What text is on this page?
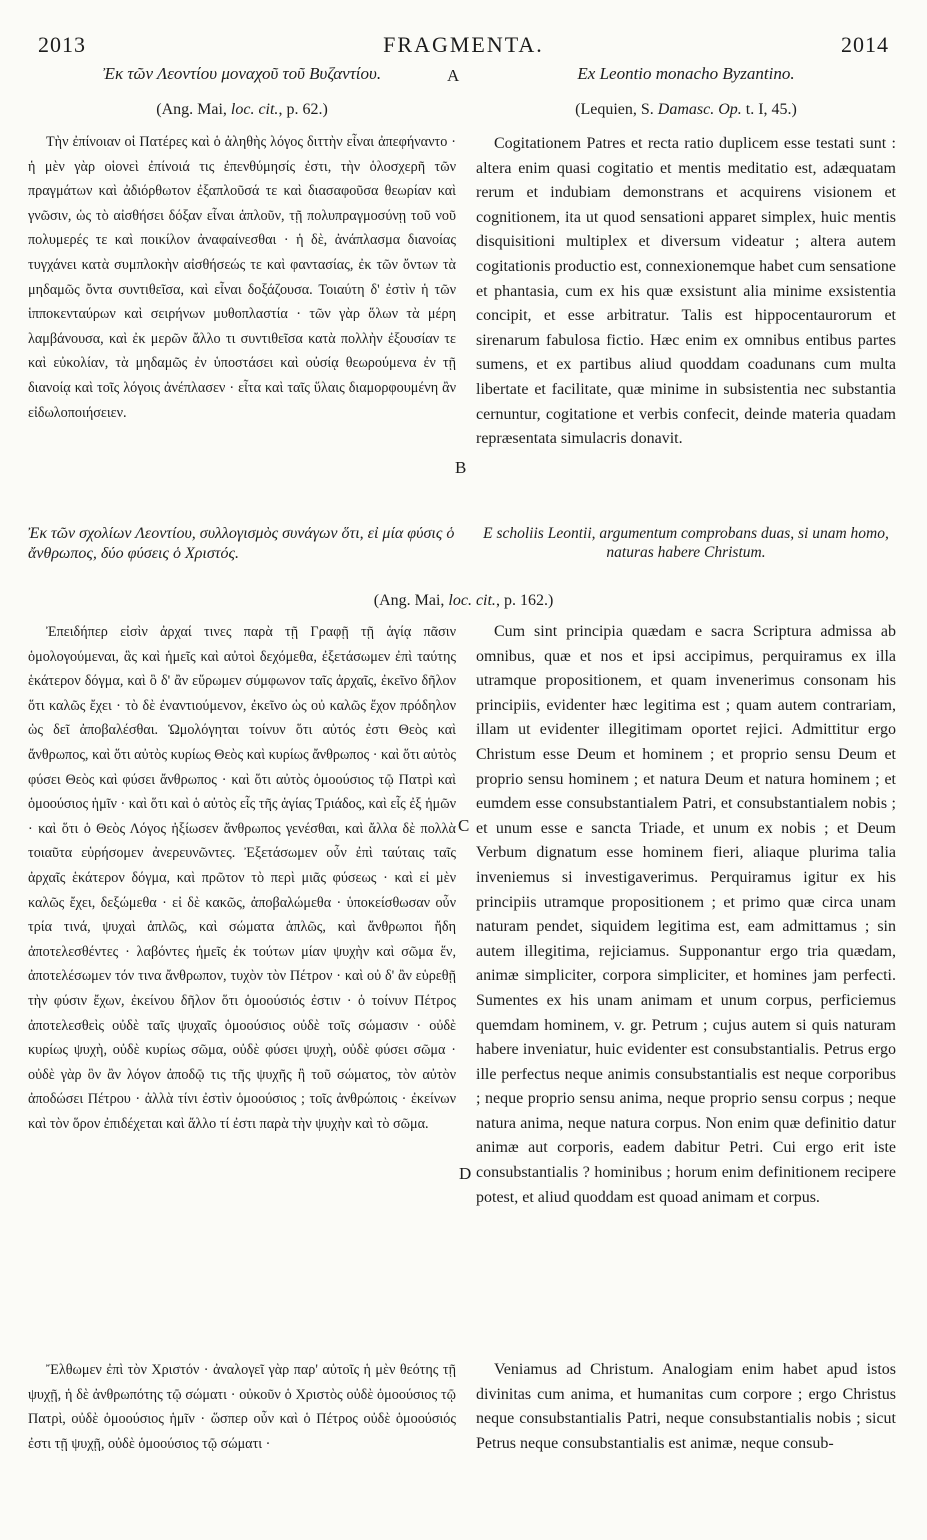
FRAGMENTA.
2013	2014
Ἐκ τῶν Λεοντίου μοναχοῦ τοῦ Βυζαντίου.	Ex Leontio monacho Byzantino.
(Ang. Mai, loc. cit., p. 62.)	(Lequien, S. Damasc. Op. t. I, 45.)

Τὴν ἐπίνοιαν οἱ Πατέρες καὶ ὁ ἀληθὴς λόγος διττὴν εἶναι ἀπεφήναντο · ἡ μὲν γὰρ οἱονεὶ ἐπίνοιά τις ἐπενθύμησίς ἐστι, τὴν ὁλοσχερῆ τῶν πραγμάτων καὶ ἀδιόρθωτον ἐξαπλοῦσά τε καὶ διασαφοῦσα θεωρίαν καὶ γνῶσιν, ὡς τὸ αἰσθήσει δόξαν εἶναι ἁπλοῦν, τῇ πολυπραγμοσύνῃ τοῦ νοῦ πολυμερές τε καὶ ποικίλον ἀναφαίνεσθαι · ἡ δὲ, ἀνάπλασμα διανοίας τυγχάνει κατὰ συμπλοκὴν αἰσθήσεώς τε καὶ φαντασίας, ἐκ τῶν ὄντων τὰ μηδαμῶς ὄντα συντιθεῖσα, καὶ εἶναι δοξάζουσα. Τοιαύτη δ' ἐστὶν ἡ τῶν ἱπποκενταύρων καὶ σειρήνων μυθοπλαστία · τῶν γὰρ ὅλων τὰ μέρη λαμβάνουσα, καὶ ἐκ μερῶν ἄλλο τι συντιθεῖσα κατὰ πολλὴν ἐξουσίαν τε καὶ εὐκολίαν, τὰ μηδαμῶς ἐν ὑποστάσει καὶ οὐσίᾳ θεωρούμενα ἐν τῇ διανοίᾳ καὶ τοῖς λόγοις ἀνέπλασεν · εἶτα καὶ ταῖς ὕλαις διαμορφουμένη ἂν εἰδωλοποιήσειεν.

Cogitationem Patres et recta ratio duplicem esse testati sunt : altera enim quasi cogitatio et mentis meditatio est, adæquatam rerum et indubiam demonstrans et acquirens visionem et cognitionem, ita ut quod sensationi apparet simplex, huic mentis disquisitioni multiplex et diversum videatur ; altera autem cogitationis productio est, connexionemque habet cum sensatione et phantasia, cum ex his quæ exsistunt alia minime exsistentia concipit, et esse arbitratur. Talis est hippocentaurorum et sirenarum fabulosa fictio. Hæc enim ex omnibus entibus partes sumens, et ex partibus aliud quoddam coadunans cum multa libertate et facilitate, quæ minime in subsistentia nec substantia cernuntur, cogitatione et verbis confecit, deinde materia quadam repræsentata simulacris donavit.

Ἐκ τῶν σχολίων Λεοντίου, συλλογισμὸς συνάγων ὅτι, εἰ μία φύσις ὁ ἄνθρωπος, δύο φύσεις ὁ Χριστός.

E scholiis Leontii, argumentum comprobans duas, si unam homo, naturas habere Christum.

(Ang. Mai, loc. cit., p. 162.)

Ἐπειδήπερ εἰσὶν ἀρχαί τινες παρὰ τῇ Γραφῇ τῇ ἁγίᾳ πᾶσιν ὁμολογούμεναι, ἃς καὶ ἡμεῖς καὶ αὐτοὶ δεχόμεθα, ἐξετάσωμεν ἐπὶ ταύτης ἑκάτερον δόγμα, καὶ ὃ δ' ἂν εὕρωμεν σύμφωνον ταῖς ἀρχαῖς, ἐκεῖνο δῆλον ὅτι καλῶς ἔχει · τὸ δὲ ἐναντιούμενον, ἐκεῖνο ὡς οὐ καλῶς ἔχον πρόδηλον ὡς δεῖ ἀποβαλέσθαι. Ὡμολόγηται τοίνυν ὅτι αὐτός ἐστι Θεὸς καὶ ἄνθρωπος, καὶ ὅτι αὐτὸς κυρίως Θεὸς καὶ κυρίως ἄνθρωπος · καὶ ὅτι αὐτὸς φύσει Θεὸς καὶ φύσει ἄνθρωπος · καὶ ὅτι αὐτὸς ὁμοούσιος τῷ Πατρὶ καὶ ὁμοούσιος ἡμῖν · καὶ ὅτι καὶ ὁ αὐτὸς εἷς τῆς ἁγίας Τριάδος, καὶ εἷς ἐξ ἡμῶν · καὶ ὅτι ὁ Θεὸς Λόγος ἠξίωσεν ἄνθρωπος γενέσθαι, καὶ ἄλλα δὲ πολλὰ τοιαῦτα εὑρήσομεν ἀνερευνῶντες. Ἐξετάσωμεν οὖν ἐπὶ ταύταις ταῖς ἀρχαῖς ἑκάτερον δόγμα, καὶ πρῶτον τὸ περὶ μιᾶς φύσεως · καὶ εἰ μὲν καλῶς ἔχει, δεξώμεθα · εἰ δὲ κακῶς, ἀποβαλώμεθα · ὑποκείσθωσαν οὖν τρία τινά, ψυχαὶ ἁπλῶς, καὶ σώματα ἁπλῶς, καὶ ἄνθρωποι ἤδη ἀποτελεσθέντες · λαβόντες ἡμεῖς ἐκ τούτων μίαν ψυχὴν καὶ σῶμα ἕν, ἀποτελέσωμεν τόν τινα ἄνθρωπον, τυχὸν τὸν Πέτρον · καὶ οὐ δ' ἂν εὑρεθῇ τὴν φύσιν ἔχων, ἐκείνου δῆλον ὅτι ὁμοούσιός ἐστιν · ὁ τοίνυν Πέτρος ἀποτελεσθεὶς οὐδὲ ταῖς ψυχαῖς ὁμοούσιος οὐδὲ τοῖς σώμασιν · οὐδὲ κυρίως ψυχὴ, οὐδὲ κυρίως σῶμα, οὐδὲ φύσει ψυχὴ, οὐδὲ φύσει σῶμα · οὐδὲ γὰρ ὃν ἂν λόγον ἀποδῷ τις τῆς ψυχῆς ἢ τοῦ σώματος, τὸν αὐτὸν ἀποδώσει Πέτρου · ἀλλὰ τίνι ἐστὶν ὁμοούσιος ; τοῖς ἀνθρώποις · ἐκείνων καὶ τὸν ὅρον ἐπιδέχεται καὶ ἄλλο τί ἐστι παρὰ τὴν ψυχὴν καὶ τὸ σῶμα.

Ἔλθωμεν ἐπὶ τὸν Χριστόν · ἀναλογεῖ γὰρ παρ' αὐτοῖς ἡ μὲν θεότης τῇ ψυχῇ, ἡ δὲ ἀνθρωπότης τῷ σώματι · οὐκοῦν ὁ Χριστὸς οὐδὲ ὁμοούσιος τῷ Πατρὶ, οὐδὲ ὁμοούσιος ἡμῖν · ὥσπερ οὖν καὶ ὁ Πέτρος οὐδὲ ὁμοούσιός ἐστι τῇ ψυχῇ, οὐδὲ ὁμοούσιος τῷ σώματι ·

Cum sint principia quædam e sacra Scriptura admissa ab omnibus, quæ et nos et ipsi accipimus, perquiramus ex illa utramque propositionem, et quam invenerimus consonam his principiis, evidenter hæc legitima est ; quam autem contrariam, illam ut evidenter illegitimam oportet rejici. Admittitur ergo Christum esse Deum et hominem ; et proprio sensu Deum et proprio sensu hominem ; et natura Deum et natura hominem ; et eumdem esse consubstantialem Patri, et consubstantialem nobis ; et unum esse e sancta Triade, et unum ex nobis ; et Deum Verbum dignatum esse hominem fieri, aliaque plurima talia inveniemus si investigaverimus. Perquiramus igitur ex his principiis utramque propositionem ; et primo quæ circa unam naturam pendet, siquidem legitima est, eam admittamus ; sin autem illegitima, rejiciamus. Supponantur ergo tria quædam, animæ simpliciter, corpora simpliciter, et homines jam perfecti. Sumentes ex his unam animam et unum corpus, perficiemus quemdam hominem, v. gr. Petrum ; cujus autem si quis naturam habere inveniatur, huic evidenter est consubstantialis. Petrus ergo ille perfectus neque animis consubstantialis est neque corporibus ; neque proprio sensu anima, neque proprio sensu corpus ; neque natura anima, neque natura corpus. Non enim quæ definitio datur animæ aut corporis, eadem dabitur Petri. Cui ergo erit iste consubstantialis ? hominibus ; horum enim definitionem recipere potest, et aliud quoddam est quoad animam et corpus.

Veniamus ad Christum. Analogiam enim habet apud istos divinitas cum anima, et humanitas cum corpore ; ergo Christus neque consubstantialis Patri, neque consubstantialis nobis ; sicut Petrus neque consubstantialis est animæ, neque consub-

A
B
C
D
